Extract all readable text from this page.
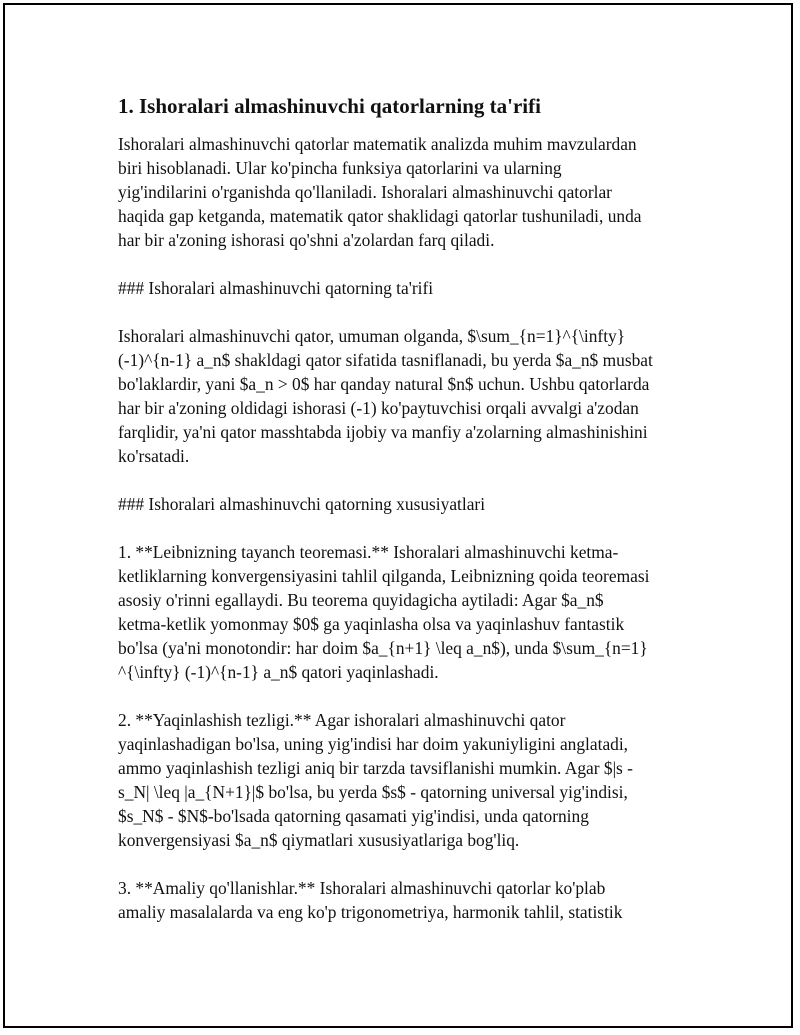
1. Ishoralari almashinuvchi qatorlarning ta'rifi

Ishoralari almashinuvchi qatorlar matematik analizda muhim mavzulardan
biri hisoblanadi. Ular ko'pincha funksiya qatorlarini va ularning
yig'indilarini o'rganishda qo'llaniladi. Ishoralari almashinuvchi qatorlar
haqida gap ketganda, matematik qator shaklidagi qatorlar tushuniladi, unda
har bir a'zoning ishorasi qo'shni a'zolardan farq qiladi.

### Ishoralari almashinuvchi qatorning ta'rifi

Ishoralari almashinuvchi qator, umuman olganda, $\sum_{n=1}^{\infty}
(-1)^{n-1} a_n$ shakldagi qator sifatida tasniflanadi, bu yerda $a_n$ musbat
bo'laklardir, yani $a_n > 0$ har qanday natural $n$ uchun. Ushbu qatorlarda
har bir a'zoning oldidagi ishorasi (-1) ko'paytuvchisi orqali avvalgi a'zodan
farqlidir, ya'ni qator masshtabda ijobiy va manfiy a'zolarning almashinishini
ko'rsatadi.

### Ishoralari almashinuvchi qatorning xususiyatlari

1. **Leibnizning tayanch teoremasi.** Ishoralari almashinuvchi ketma-
ketliklarning konvergensiyasini tahlil qilganda, Leibnizning qoida teoremasi
asosiy o'rinni egallaydi. Bu teorema quyidagicha aytiladi: Agar $a_n$
ketma-ketlik yomonmay $0$ ga yaqinlasha olsa va yaqinlashuv fantastik
bo'lsa (ya'ni monotondir: har doim $a_{n+1} \leq a_n$), unda $\sum_{n=1}
^{\infty} (-1)^{n-1} a_n$ qatori yaqinlashadi.

2. **Yaqinlashish tezligi.** Agar ishoralari almashinuvchi qator
yaqinlashadigan bo'lsa, uning yig'indisi har doim yakuniyligini anglatadi,
ammo yaqinlashish tezligi aniq bir tarzda tavsiflanishi mumkin. Agar $|s -
s_N| \leq |a_{N+1}|$ bo'lsa, bu yerda $s$ - qatorning universal yig'indisi,
$s_N$ - $N$-bo'lsada qatorning qasamati yig'indisi, unda qatorning
konvergensiyasi $a_n$ qiymatlari xususiyatlariga bog'liq.

3. **Amaliy qo'llanishlar.** Ishoralari almashinuvchi qatorlar ko'plab
amaliy masalalarda va eng ko'p trigonometriya, harmonik tahlil, statistik
